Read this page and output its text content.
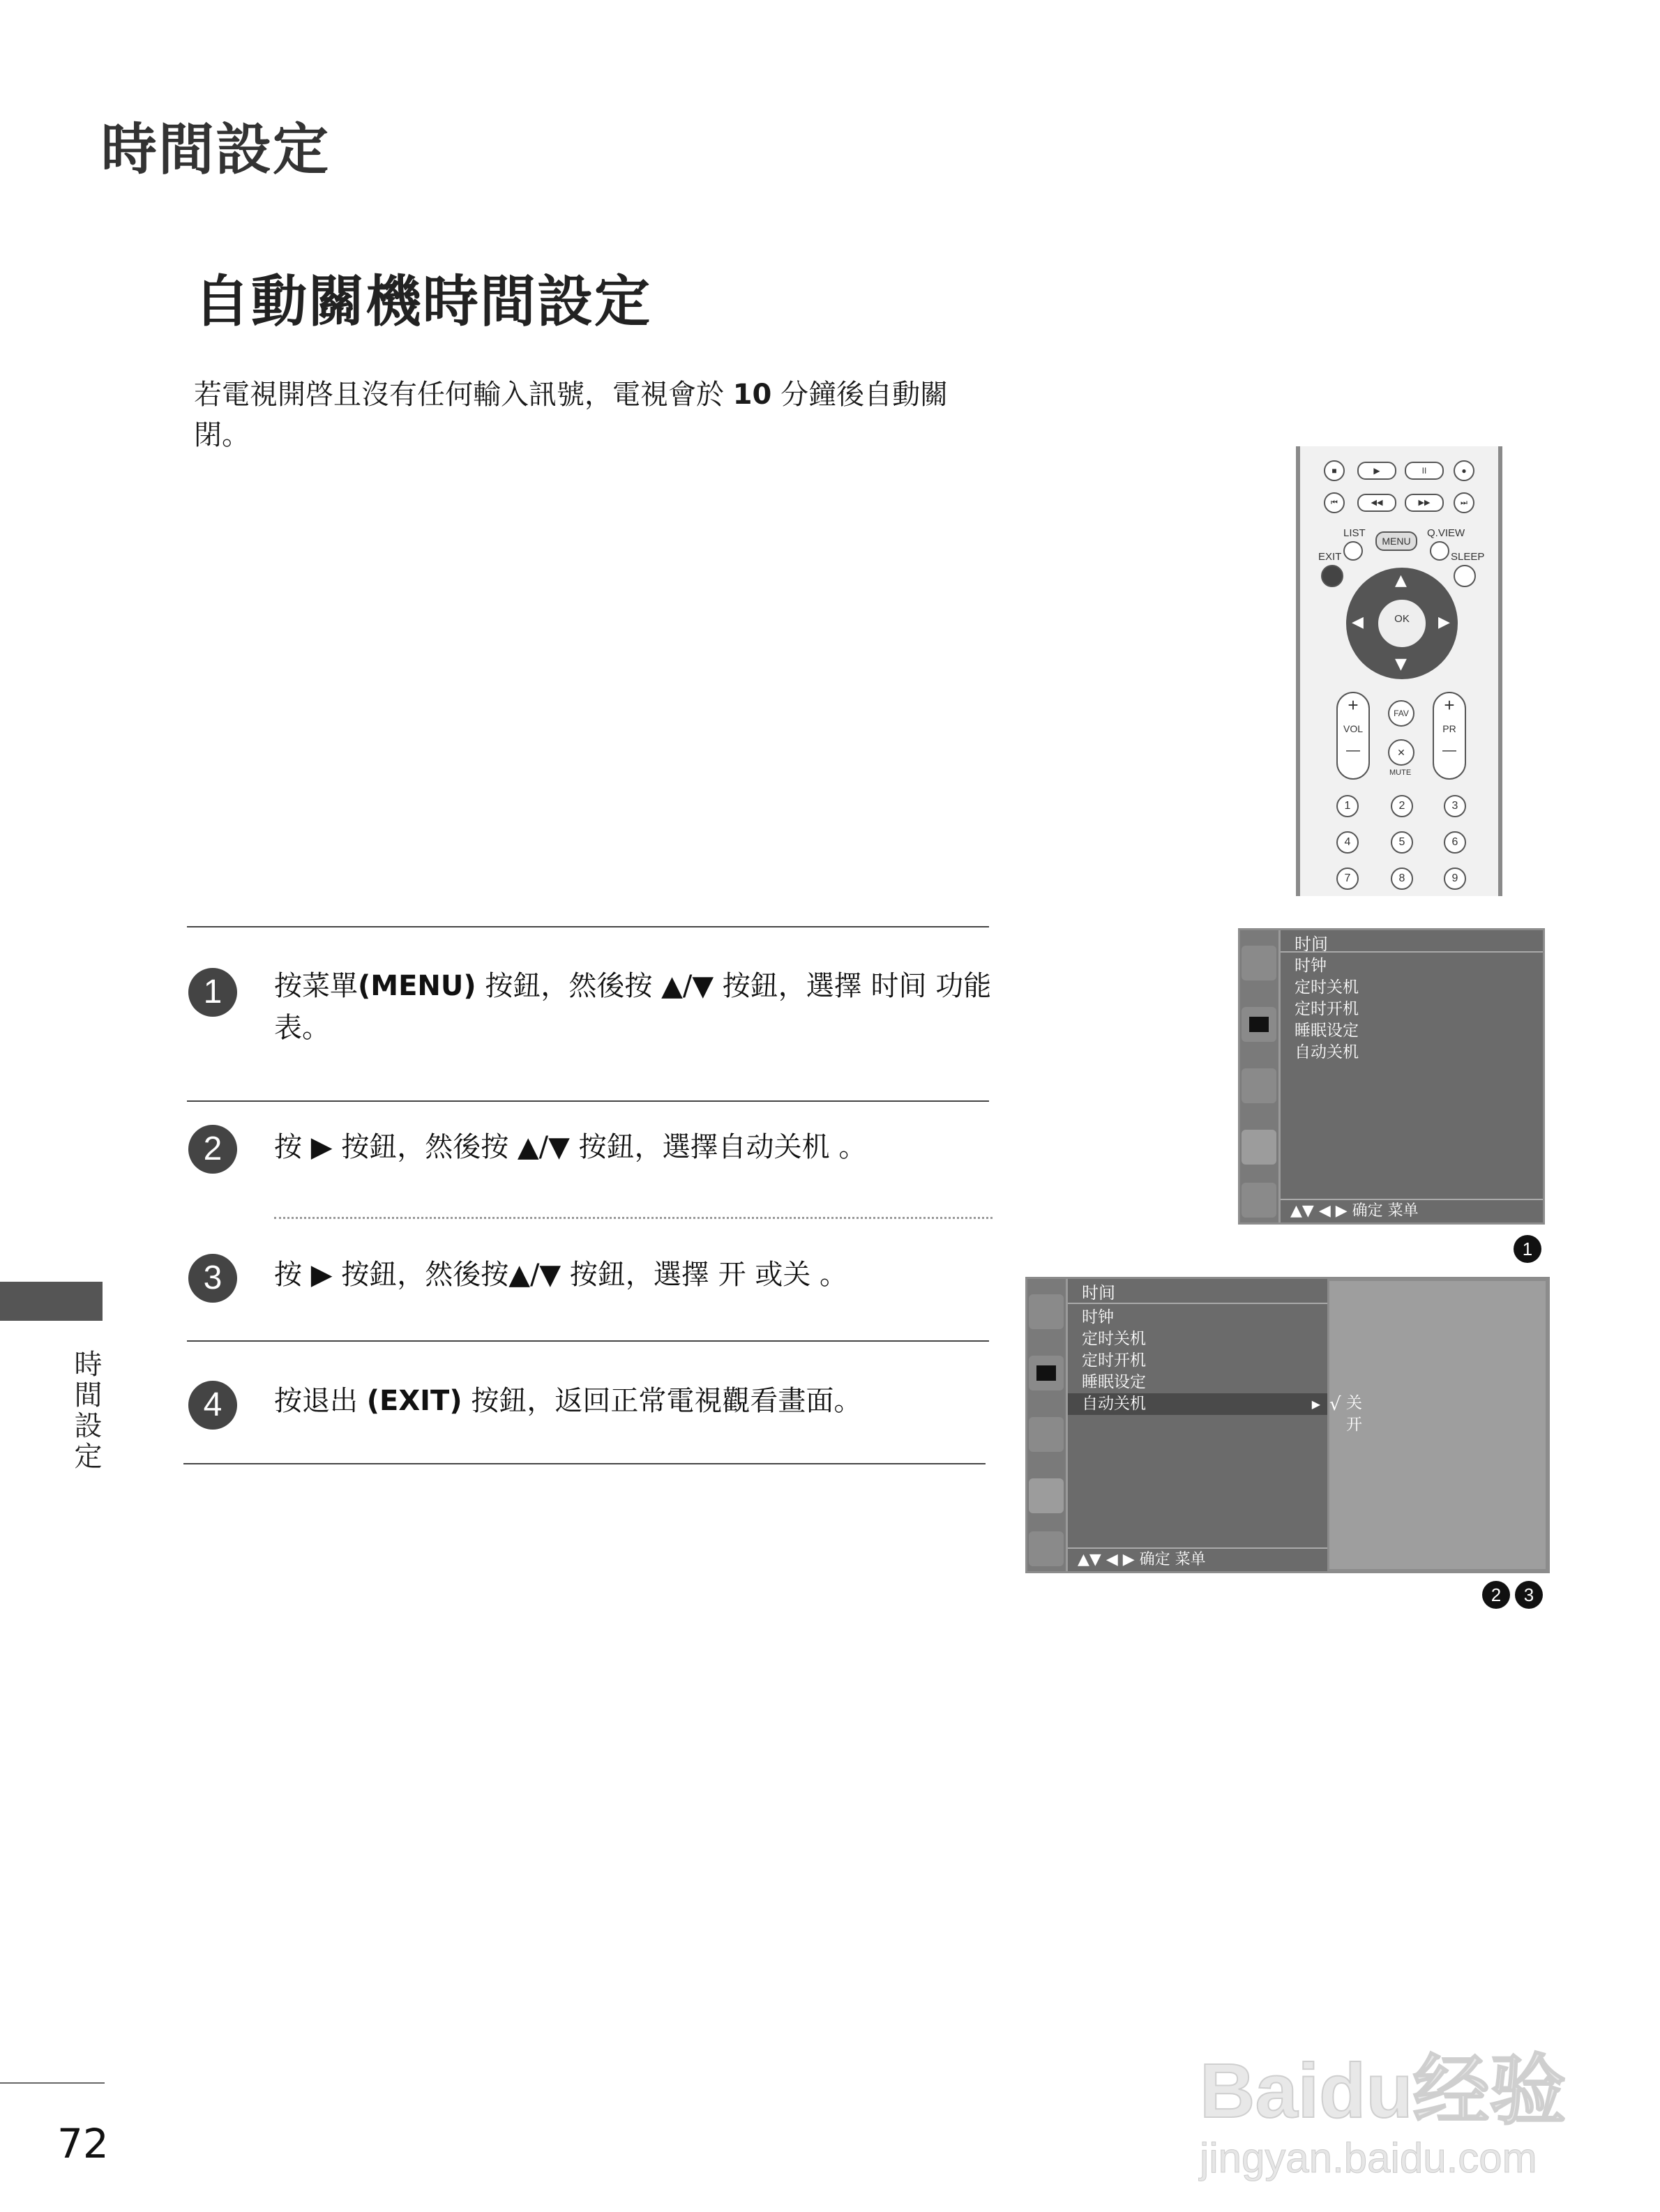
時間設定
自動關機時間設定
若電視開啓且沒有任何輸入訊號，電視會於 10 分鐘後自動關閉。
時間設定
72
1	按菜單(MENU) 按鈕，然後按 ▲/▼ 按鈕，選擇 时间 功能表。
2	按 ▶ 按鈕，然後按 ▲/▼ 按鈕，選擇自动关机 。
3	按 ▶ 按鈕，然後按▲/▼ 按鈕，選擇 开 或关 。
4	按退出 (EXIT) 按鈕，返回正常電視觀看畫面。
■	▶	II	●
⏮	◀◀	▶▶	⏭
LIST
MENU
Q.VIEW
EXIT	SLEEP
▲
▼
◀	▶
OK
+
VOL
—
FAV
✕
MUTE
+
PR
—
1	2	3
4	5	6
7	8	9
时间
时钟
定时关机
定时开机
睡眠设定
自动关机
▲▼ ◀ ▶ 确定 菜单
1
时间
时钟
定时关机
定时开机
睡眠设定
自动关机	▶
▲▼ ◀ ▶ 确定 菜单
√ 关
开
2	3
Baidu经验
jingyan.baidu.com
